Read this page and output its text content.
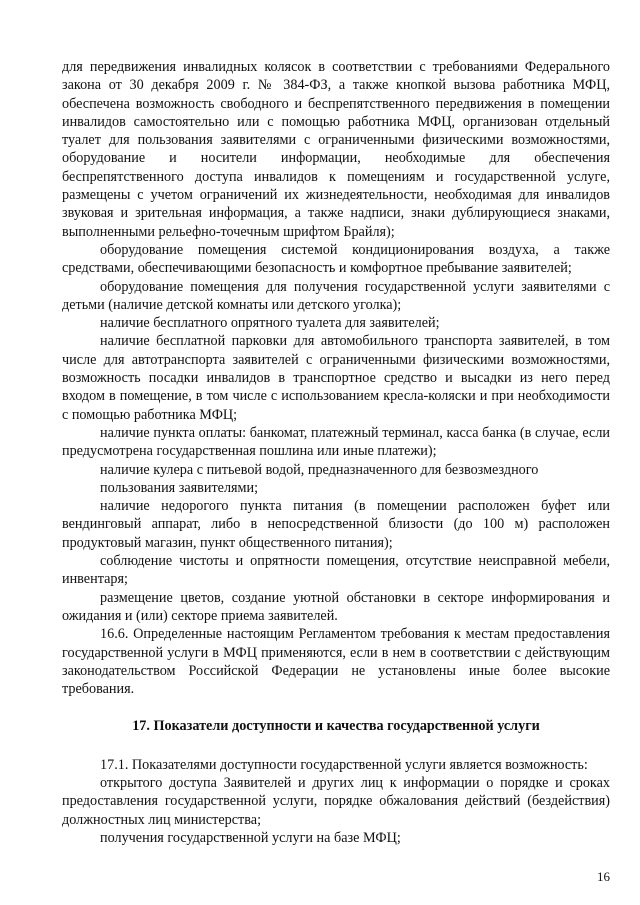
для передвижения инвалидных колясок в соответствии с требованиями Федерального закона от 30 декабря 2009 г. № 384-ФЗ, а также кнопкой вызова работника МФЦ, обеспечена возможность свободного и беспрепятственного передвижения в помещении инвалидов самостоятельно или с помощью работника МФЦ, организован отдельный туалет для пользования заявителями с ограниченными физическими возможностями, оборудование и носители информации, необходимые для обеспечения беспрепятственного доступа инвалидов к помещениям и государственной услуге, размещены с учетом ограничений их жизнедеятельности, необходимая для инвалидов звуковая и зрительная информация, а также надписи, знаки дублирующиеся знаками, выполненными рельефно-точечным шрифтом Брайля);

оборудование помещения системой кондиционирования воздуха, а также средствами, обеспечивающими безопасность и комфортное пребывание заявителей;

оборудование помещения для получения государственной услуги заявителями с детьми (наличие детской комнаты или детского уголка);

наличие бесплатного опрятного туалета для заявителей;

наличие бесплатной парковки для автомобильного транспорта заявителей, в том числе для автотранспорта заявителей с ограниченными физическими возможностями, возможность посадки инвалидов в транспортное средство и высадки из него перед входом в помещение, в том числе с использованием кресла-коляски и при необходимости с помощью работника МФЦ;

наличие пункта оплаты: банкомат, платежный терминал, касса банка (в случае, если предусмотрена государственная пошлина или иные платежи);

наличие кулера с питьевой водой, предназначенного для безвозмездного

пользования заявителями;

наличие недорогого пункта питания (в помещении расположен буфет или вендинговый аппарат, либо в непосредственной близости (до 100 м) расположен продуктовый магазин, пункт общественного питания);

соблюдение чистоты и опрятности помещения, отсутствие неисправной мебели, инвентаря;

размещение цветов, создание уютной обстановки в секторе информирования и ожидания и (или) секторе приема заявителей.

16.6. Определенные настоящим Регламентом требования к местам предоставления государственной услуги в МФЦ применяются, если в нем в соответствии с действующим законодательством Российской Федерации не установлены иные более высокие требования.

17. Показатели доступности и качества государственной услуги

17.1. Показателями доступности государственной услуги является возможность:

открытого доступа Заявителей и других лиц к информации о порядке и сроках предоставления государственной услуги, порядке обжалования действий (бездействия) должностных лиц министерства;

получения государственной услуги на базе МФЦ;

16
